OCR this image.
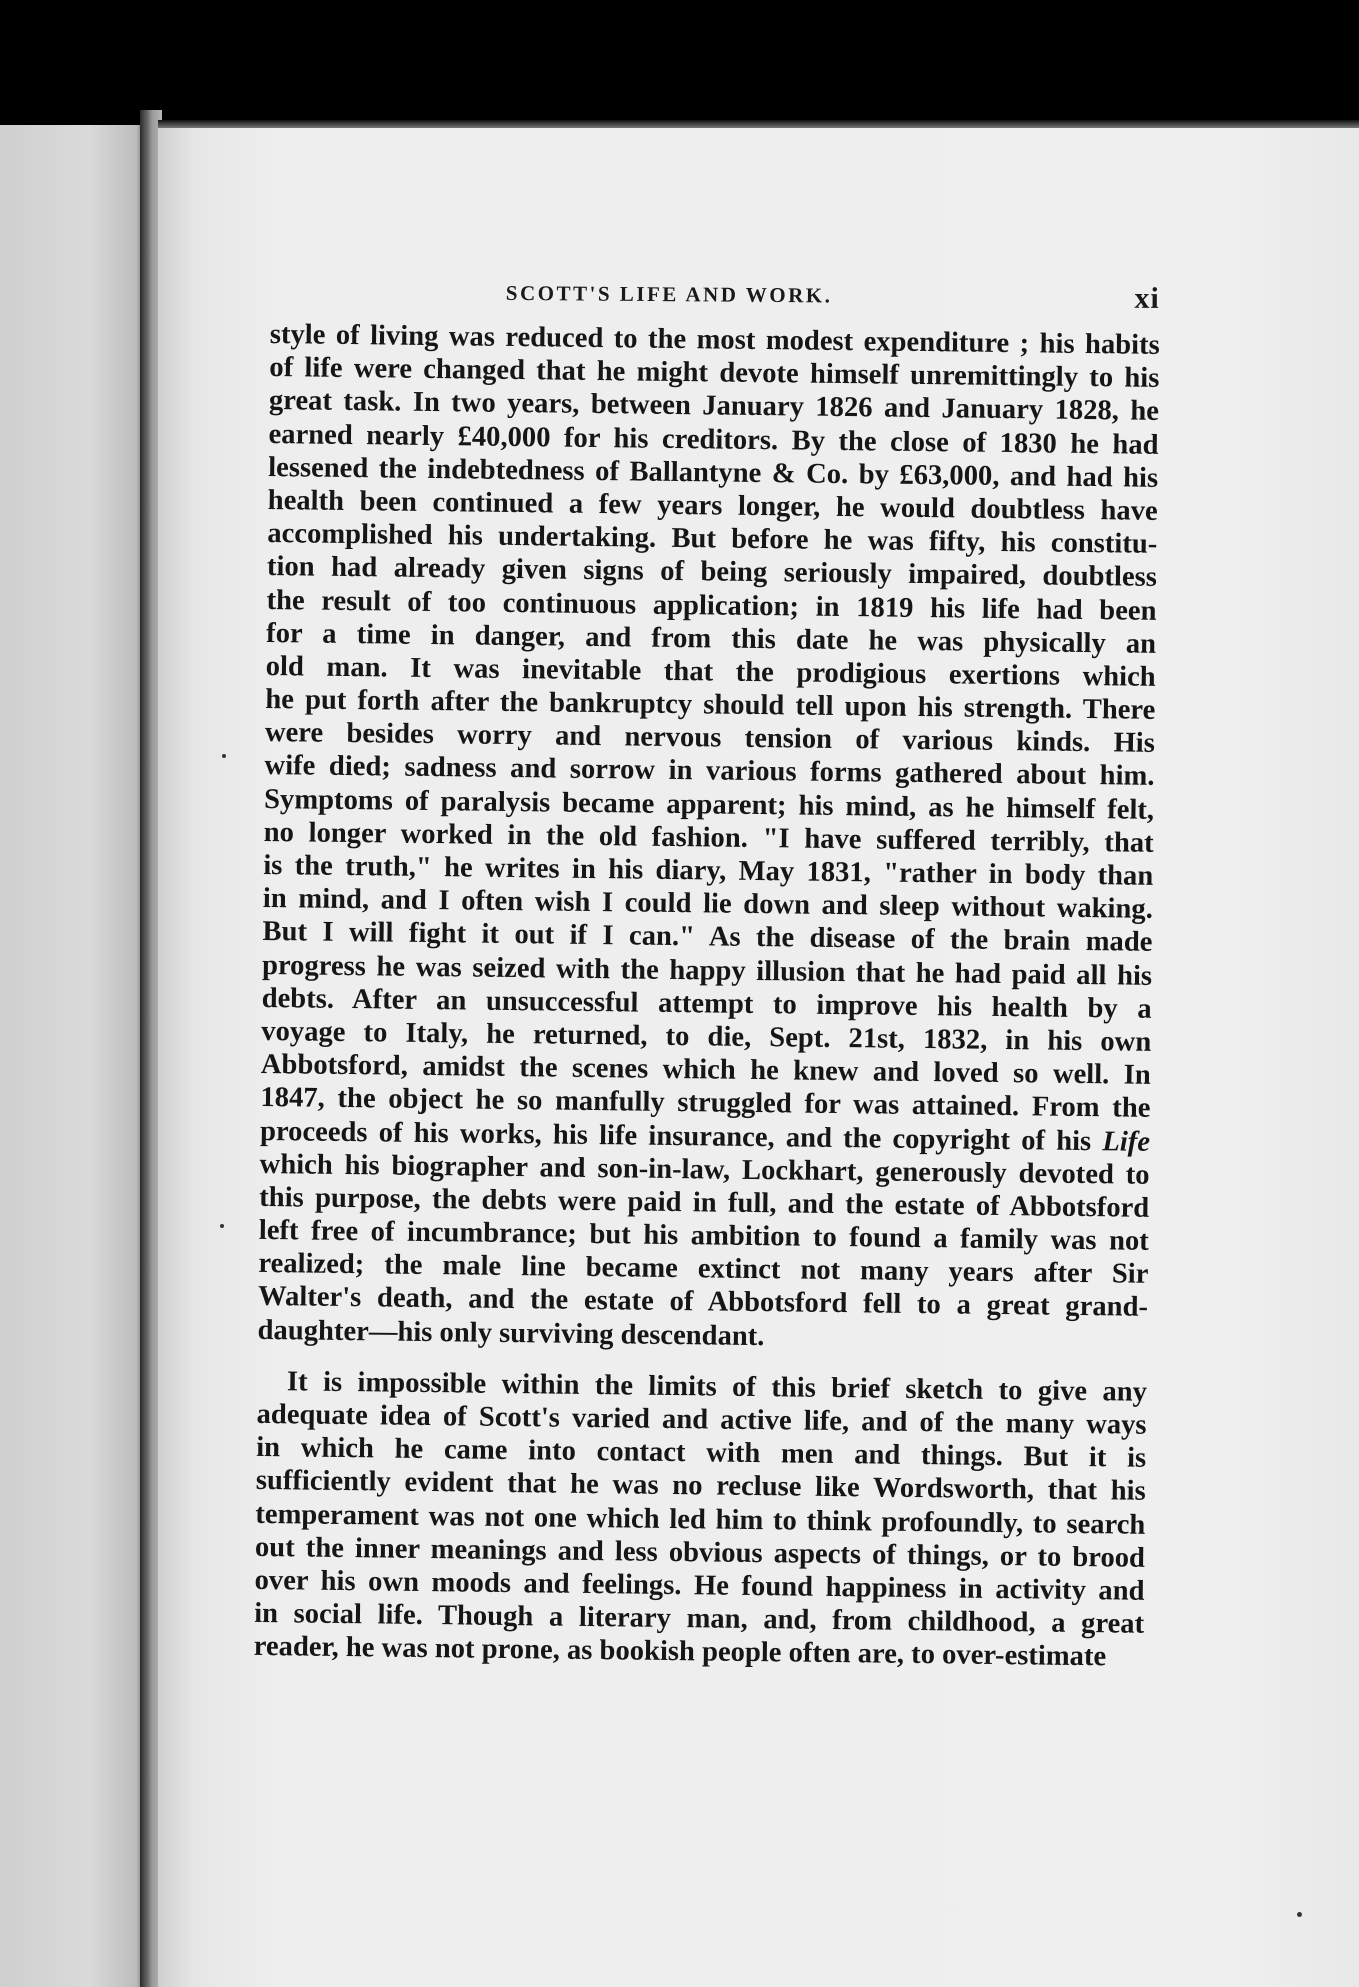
SCOTT'S LIFE AND WORK.	xi
style of living was reduced to the most modest expenditure ; his habits
of life were changed that he might devote himself unremittingly to his
great task. In two years, between January 1826 and January 1828, he
earned nearly £40,000 for his creditors. By the close of 1830 he had
lessened the indebtedness of Ballantyne & Co. by £63,000, and had his
health been continued a few years longer, he would doubtless have
accomplished his undertaking. But before he was fifty, his constitu-
tion had already given signs of being seriously impaired, doubtless
the result of too continuous application; in 1819 his life had been
for a time in danger, and from this date he was physically an
old man. It was inevitable that the prodigious exertions which
he put forth after the bankruptcy should tell upon his strength. There
were besides worry and nervous tension of various kinds. His
wife died; sadness and sorrow in various forms gathered about him.
Symptoms of paralysis became apparent; his mind, as he himself felt,
no longer worked in the old fashion. "I have suffered terribly, that
is the truth," he writes in his diary, May 1831, "rather in body than
in mind, and I often wish I could lie down and sleep without waking.
But I will fight it out if I can." As the disease of the brain made
progress he was seized with the happy illusion that he had paid all his
debts. After an unsuccessful attempt to improve his health by a
voyage to Italy, he returned, to die, Sept. 21st, 1832, in his own
Abbotsford, amidst the scenes which he knew and loved so well. In
1847, the object he so manfully struggled for was attained. From the
proceeds of his works, his life insurance, and the copyright of his Life
which his biographer and son-in-law, Lockhart, generously devoted to
this purpose, the debts were paid in full, and the estate of Abbotsford
left free of incumbrance; but his ambition to found a family was not
realized; the male line became extinct not many years after Sir
Walter's death, and the estate of Abbotsford fell to a great grand-
daughter—his only surviving descendant.
It is impossible within the limits of this brief sketch to give any
adequate idea of Scott's varied and active life, and of the many ways
in which he came into contact with men and things. But it is
sufficiently evident that he was no recluse like Wordsworth, that his
temperament was not one which led him to think profoundly, to search
out the inner meanings and less obvious aspects of things, or to brood
over his own moods and feelings. He found happiness in activity and
in social life. Though a literary man, and, from childhood, a great
reader, he was not prone, as bookish people often are, to over-estimate
